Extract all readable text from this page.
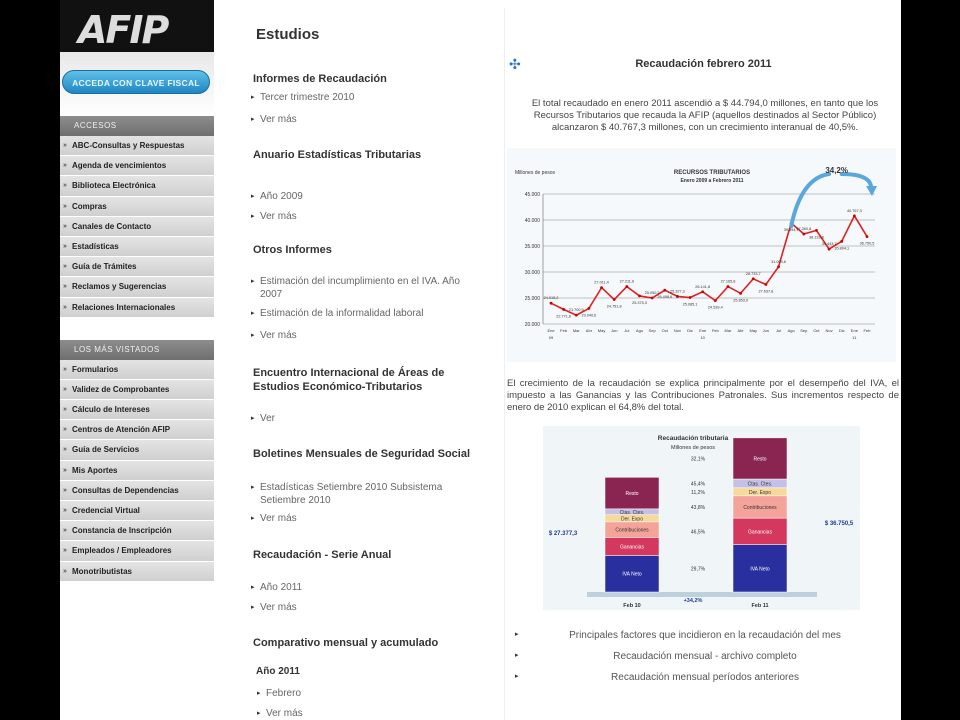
AFIP
ACCEDA CON CLAVE FISCAL
ACCESOS
» ABC-Consultas y Respuestas
» Agenda de vencimientos
» Biblioteca Electrónica
» Compras
» Canales de Contacto
» Estadísticas
» Guía de Trámites
» Reclamos y Sugerencias
» Relaciones Internacionales
LOS MÁS VISTADOS
» Formularios
» Validez de Comprobantes
» Cálculo de Intereses
» Centros de Atención AFIP
» Guía de Servicios
» Mis Aportes
» Consultas de Dependencias
» Credencial Virtual
» Constancia de Inscripción
» Empleados / Empleadores
» Monotributistas
Estudios
Informes de Recaudación
▸ Tercer trimestre 2010
▸ Ver más
Anuario Estadísticas Tributarias
▸ Año 2009
▸ Ver más
Otros Informes
▸ Estimación del incumplimiento en el IVA. Año 2007
▸ Estimación de la informalidad laboral
▸ Ver más
Encuentro Internacional de Áreas de Estudios Económico-Tributarios
▸ Ver
Boletines Mensuales de Seguridad Social
▸ Estadísticas Setiembre 2010 Subsistema Setiembre 2010
▸ Ver más
Recaudación - Serie Anual
▸ Año 2011
▸ Ver más
Comparativo mensual y acumulado
Año 2011
▸ Febrero
▸ Ver más
✣	Recaudación febrero 2011
El total recaudado en enero 2011 ascendió a $ 44.794,0 millones, en tanto que los Recursos Tributarios que recauda la AFIP (aquellos destinados al Sector Público) alcanzaron $ 40.767,3 millones, con un crecimiento interanual de 40,5%.
Millones de pesos	RECURSOS TRIBUTARIOS
Enero 2009 a Febrero 2011
20.000
25.000
30.000
35.000
40.000
45.000
24.015,2
22.771,6
21.700,9
23.040,6
27.011,4
24.751,8
27.211,6
25.375,3
25.050,2
26.498,6
25.327,3
25.085,1
26.141,8
24.539,4
27.165,8
25.853,9
28.733,7
27.637,8
31.009,6
39.394,7
37.360,8
38.133,8
34.443,7
35.894,1
40.767,3
36.750,5
Ene Feb Mar Abr May Jun Jul Ago Sep Oct Nov Dic Ene Feb Mar Abr May Jun Jul Ago Sep Oct Nov Dic Ene Feb
09	10	11
34,2%
El crecimiento de la recaudación se explica principalmente por el desempeño del IVA, el impuesto a las Ganancias y las Contribuciones Patronales. Sus incrementos respecto de enero de 2010 explican el 64,8% del total.
Recaudación tributaria
Millones de pesos
IVA Neto
Ganancias
Contribuciones
Der. Expo
Ctas. Ctes.
Resto
IVA Neto
Ganancias
Contribuciones
Der. Expo
Ctas. Ctes.
Resto
29,7%
46,5%
43,8%
11,2%
45,4%
32,1%
$ 27.377,3
$ 36.750,5
Feb 10	Feb 11
+34,2%
▸	Principales factores que incidieron en la recaudación del mes
▸	Recaudación mensual - archivo completo
▸	Recaudación mensual períodos anteriores
